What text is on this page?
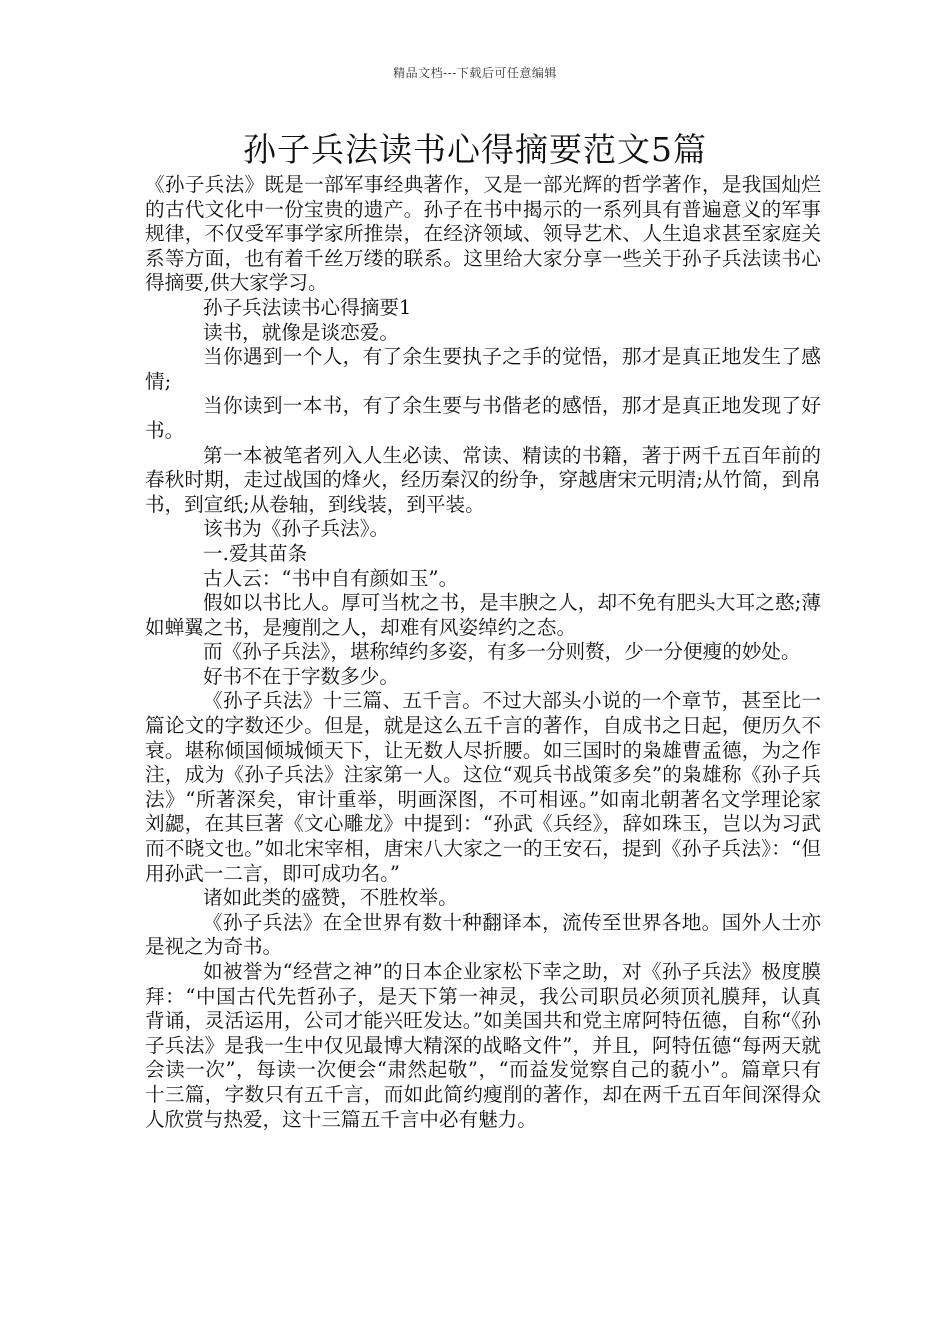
精品文档---下载后可任意编辑
孙子兵法读书心得摘要范文5篇

《孙子兵法》既是一部军事经典著作，又是一部光辉的哲学著作，是我国灿烂的古代文化中一份宝贵的遗产。孙子在书中揭示的一系列具有普遍意义的军事规律，不仅受军事学家所推崇，在经济领域、领导艺术、人生追求甚至家庭关系等方面，也有着千丝万缕的联系。这里给大家分享一些关于孙子兵法读书心得摘要,供大家学习。

孙子兵法读书心得摘要1

读书，就像是谈恋爱。

当你遇到一个人，有了余生要执子之手的觉悟，那才是真正地发生了感情;

当你读到一本书，有了余生要与书偕老的感悟，那才是真正地发现了好书。

第一本被笔者列入人生必读、常读、精读的书籍，著于两千五百年前的春秋时期，走过战国的烽火，经历秦汉的纷争，穿越唐宋元明清;从竹简，到帛书，到宣纸;从卷轴，到线装，到平装。

该书为《孙子兵法》。

一.爱其苗条

古人云：“书中自有颜如玉”。

假如以书比人。厚可当枕之书，是丰腴之人，却不免有肥头大耳之憨;薄如蝉翼之书，是瘦削之人，却难有风姿绰约之态。

而《孙子兵法》，堪称绰约多姿，有多一分则赘，少一分便瘦的妙处。

好书不在于字数多少。

《孙子兵法》十三篇、五千言。不过大部头小说的一个章节，甚至比一篇论文的字数还少。但是，就是这么五千言的著作，自成书之日起，便历久不衰。堪称倾国倾城倾天下，让无数人尽折腰。如三国时的枭雄曹孟德，为之作注，成为《孙子兵法》注家第一人。这位“观兵书战策多矣”的枭雄称《孙子兵法》“所著深矣，审计重举，明画深图，不可相诬。”如南北朝著名文学理论家刘勰，在其巨著《文心雕龙》中提到：“孙武《兵经》，辞如珠玉，岂以为习武而不晓文也。”如北宋宰相，唐宋八大家之一的王安石，提到《孙子兵法》：“但用孙武一二言，即可成功名。”

诸如此类的盛赞，不胜枚举。

《孙子兵法》在全世界有数十种翻译本，流传至世界各地。国外人士亦是视之为奇书。

如被誉为“经营之神”的日本企业家松下幸之助，对《孙子兵法》极度膜拜：“中国古代先哲孙子，是天下第一神灵，我公司职员必须顶礼膜拜，认真背诵，灵活运用，公司才能兴旺发达。”如美国共和党主席阿特伍德，自称“《孙子兵法》是我一生中仅见最博大精深的战略文件”，并且，阿特伍德“每两天就会读一次”，每读一次便会“肃然起敬”，“而益发觉察自己的藐小”。篇章只有十三篇，字数只有五千言，而如此简约瘦削的著作，却在两千五百年间深得众人欣赏与热爱，这十三篇五千言中必有魅力。
